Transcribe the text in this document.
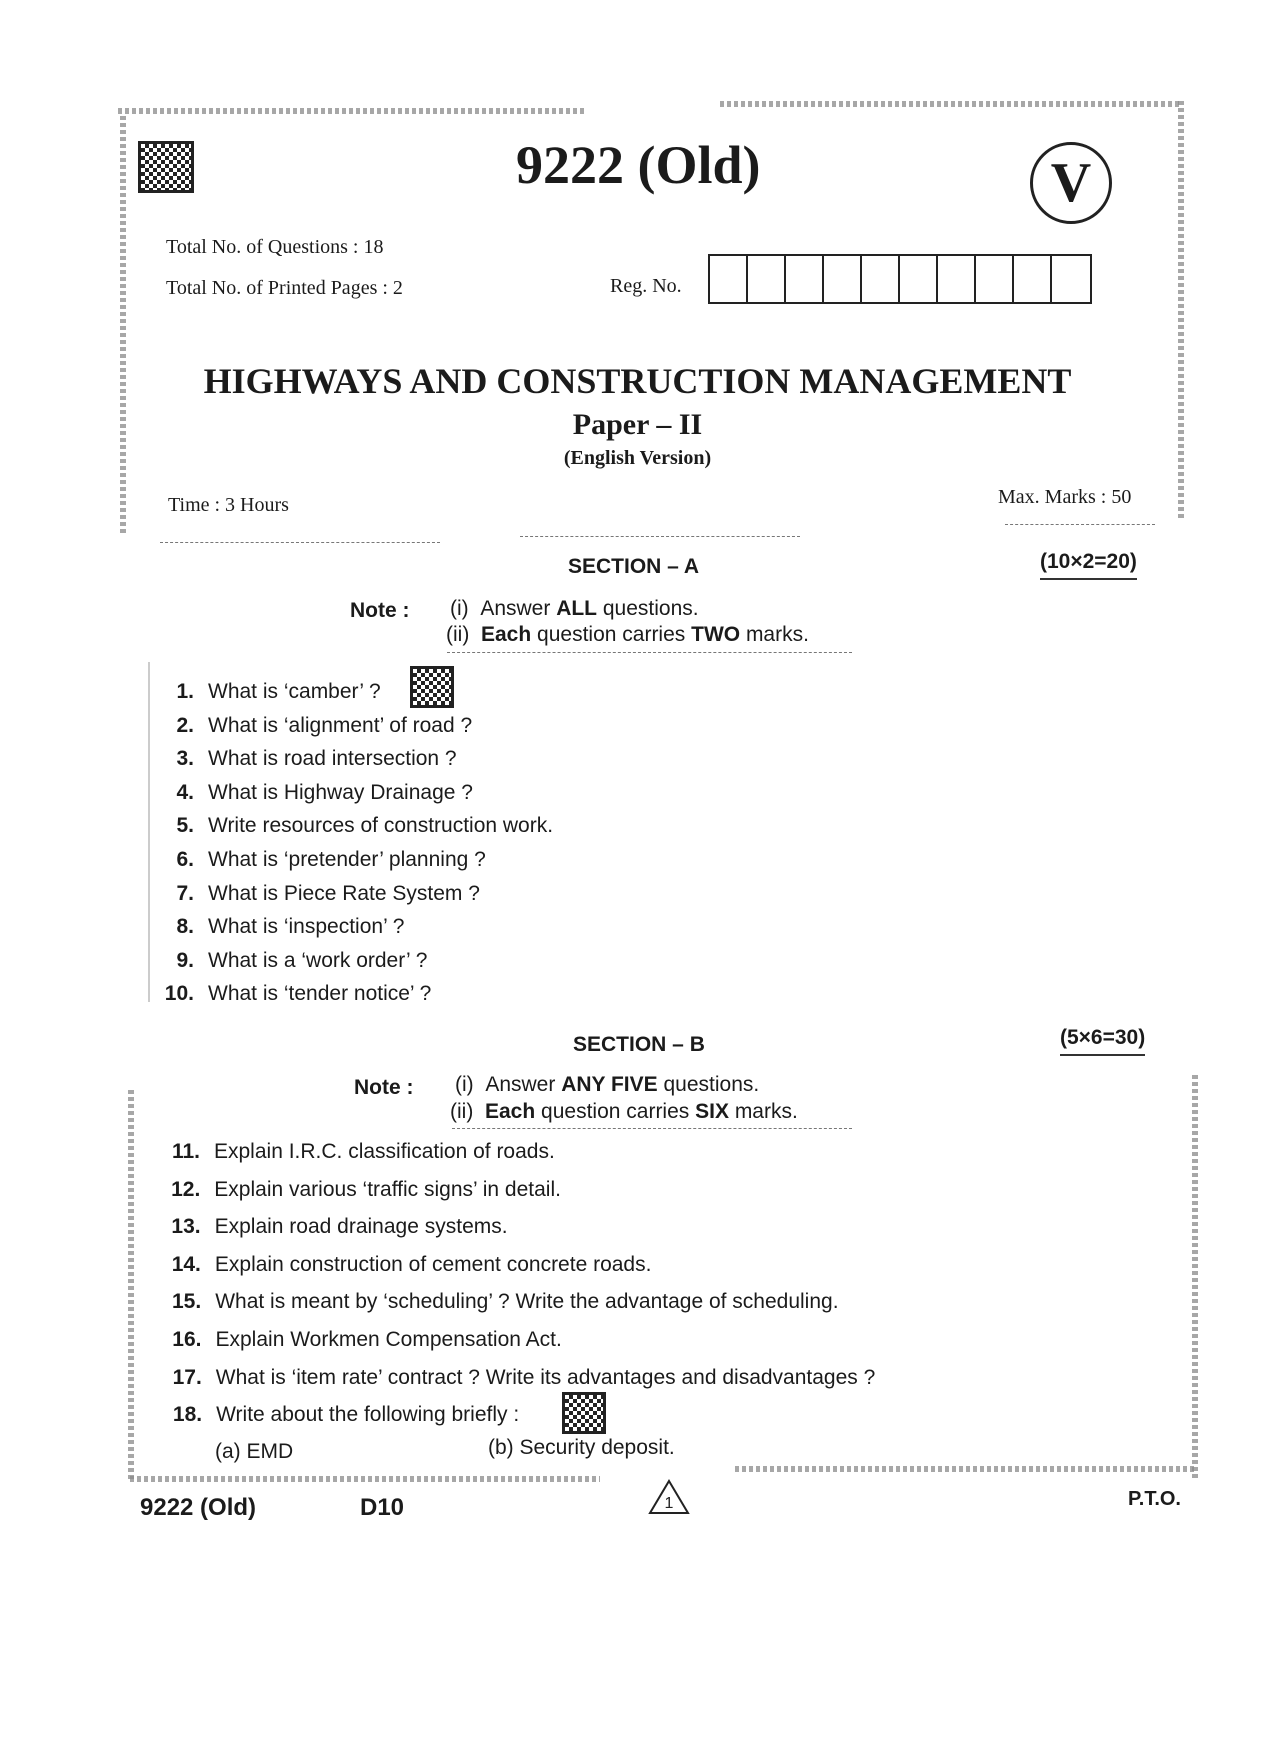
9222 (Old)	V
Total No. of Questions : 18
Total No. of Printed Pages : 2	Reg. No.
HIGHWAYS AND CONSTRUCTION MANAGEMENT
Paper – II
(English Version)
Time : 3 Hours	Max. Marks : 50
SECTION – A	(10×2=20)
Note : (i) Answer ALL questions.
(ii) Each question carries TWO marks.
1. What is ‘camber’ ?
2. What is ‘alignment’ of road ?
3. What is road intersection ?
4. What is Highway Drainage ?
5. Write resources of construction work.
6. What is ‘pretender’ planning ?
7. What is Piece Rate System ?
8. What is ‘inspection’ ?
9. What is a ‘work order’ ?
10. What is ‘tender notice’ ?
SECTION – B	(5×6=30)
Note : (i) Answer ANY FIVE questions.
(ii) Each question carries SIX marks.
11. Explain I.R.C. classification of roads.
12. Explain various ‘traffic signs’ in detail.
13. Explain road drainage systems.
14. Explain construction of cement concrete roads.
15. What is meant by ‘scheduling’ ? Write the advantage of scheduling.
16. Explain Workmen Compensation Act.
17. What is ‘item rate’ contract ? Write its advantages and disadvantages ?
18. Write about the following briefly :
(a) EMD	(b) Security deposit.
9222 (Old)	D10	1	P.T.O.
